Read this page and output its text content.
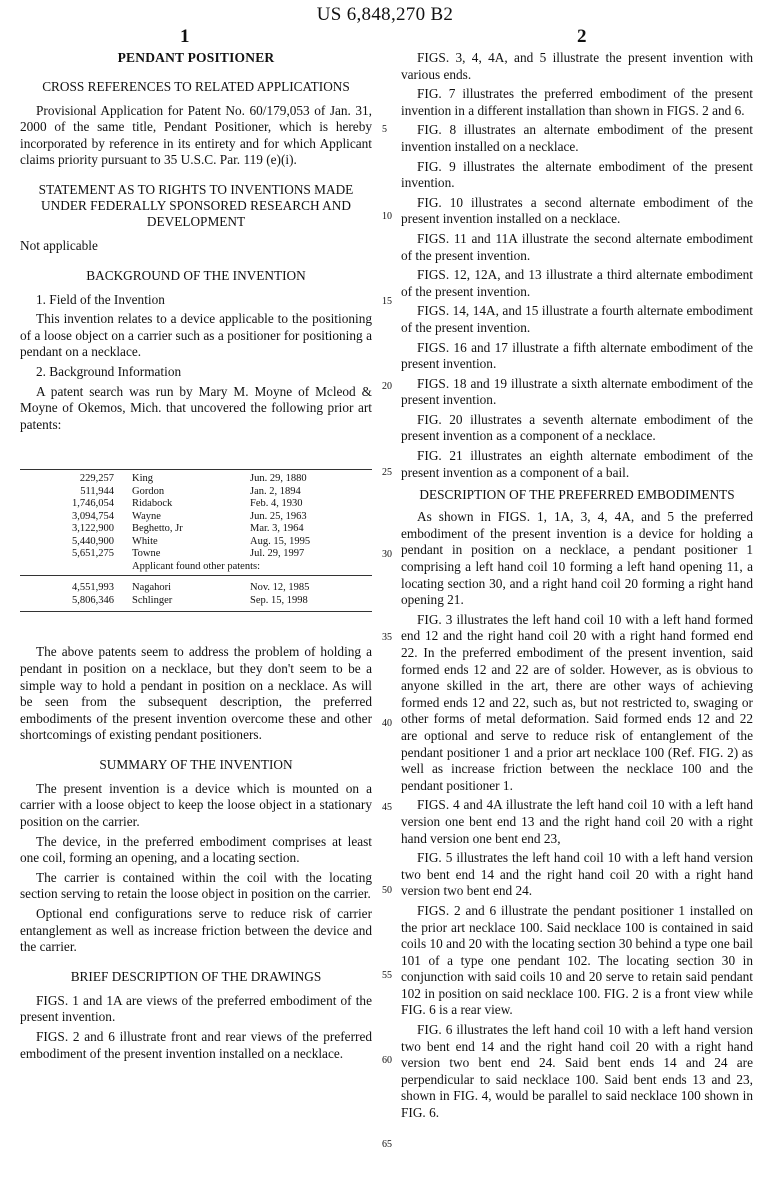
US 6,848,270 B2
1	2
PENDANT POSITIONER
CROSS REFERENCES TO RELATED APPLICATIONS

Provisional Application for Patent No. 60/179,053 of Jan. 31, 2000 of the same title, Pendant Positioner, which is hereby incorporated by reference in its entirety and for which Applicant claims priority pursuant to 35 U.S.C. Par. 119 (e)(i).

STATEMENT AS TO RIGHTS TO INVENTIONS MADE UNDER FEDERALLY SPONSORED RESEARCH AND DEVELOPMENT

Not applicable

BACKGROUND OF THE INVENTION
1. Field of the Invention

This invention relates to a device applicable to the positioning of a loose object on a carrier such as a positioner for positioning a pendant on a necklace.

2. Background Information

A patent search was run by Mary M. Moyne of Mcleod & Moyne of Okemos, Mich. that uncovered the following prior art patents:

229,257	King	Jun. 29, 1880
511,944	Gordon	Jan. 2, 1894
1,746,054	Ridabock	Feb. 4, 1930
3,094,754	Wayne	Jun. 25, 1963
3,122,900	Beghetto, Jr	Mar. 3, 1964
5,440,900	White	Aug. 15, 1995
5,651,275	Towne	Jul. 29, 1997
Applicant found other patents:
4,551,993	Nagahori	Nov. 12, 1985
5,806,346	Schlinger	Sep. 15, 1998

The above patents seem to address the problem of holding a pendant in position on a necklace, but they don't seem to be a simple way to hold a pendant in position on a necklace. As will be seen from the subsequent description, the preferred embodiments of the present invention overcome these and other shortcomings of existing pendant positioners.

SUMMARY OF THE INVENTION

The present invention is a device which is mounted on a carrier with a loose object to keep the loose object in a stationary position on the carrier.

The device, in the preferred embodiment comprises at least one coil, forming an opening, and a locating section.

The carrier is contained within the coil with the locating section serving to retain the loose object in position on the carrier.

Optional end configurations serve to reduce risk of carrier entanglement as well as increase friction between the device and the carrier.

BRIEF DESCRIPTION OF THE DRAWINGS

FIGS. 1 and 1A are views of the preferred embodiment of the present invention.

FIGS. 2 and 6 illustrate front and rear views of the preferred embodiment of the present invention installed on a necklace.

FIGS. 3, 4, 4A, and 5 illustrate the present invention with various ends.

FIG. 7 illustrates the preferred embodiment of the present invention in a different installation than shown in FIGS. 2 and 6.

FIG. 8 illustrates an alternate embodiment of the present invention installed on a necklace.

FIG. 9 illustrates the alternate embodiment of the present invention.

FIG. 10 illustrates a second alternate embodiment of the present invention installed on a necklace.

FIGS. 11 and 11A illustrate the second alternate embodiment of the present invention.

FIGS. 12, 12A, and 13 illustrate a third alternate embodiment of the present invention.

FIGS. 14, 14A, and 15 illustrate a fourth alternate embodiment of the present invention.

FIGS. 16 and 17 illustrate a fifth alternate embodiment of the present invention.

FIGS. 18 and 19 illustrate a sixth alternate embodiment of the present invention.

FIG. 20 illustrates a seventh alternate embodiment of the present invention as a component of a necklace.

FIG. 21 illustrates an eighth alternate embodiment of the present invention as a component of a bail.

DESCRIPTION OF THE PREFERRED EMBODIMENTS

As shown in FIGS. 1, 1A, 3, 4, 4A, and 5 the preferred embodiment of the present invention is a device for holding a pendant in position on a necklace, a pendant positioner 1 comprising a left hand coil 10 forming a left hand opening 11, a locating section 30, and a right hand coil 20 forming a right hand opening 21.

FIG. 3 illustrates the left hand coil 10 with a left hand formed end 12 and the right hand coil 20 with a right hand formed end 22. In the preferred embodiment of the present invention, said formed ends 12 and 22 are of solder. However, as is obvious to anyone skilled in the art, there are other ways of achieving formed ends 12 and 22, such as, but not restricted to, swaging or other forms of metal deformation. Said formed ends 12 and 22 are optional and serve to reduce risk of entanglement of the pendant positioner 1 and a prior art necklace 100 (Ref. FIG. 2) as well as increase friction between the necklace 100 and the pendant positioner 1.

FIGS. 4 and 4A illustrate the left hand coil 10 with a left hand version one bent end 13 and the right hand coil 20 with a right hand version one bent end 23,

FIG. 5 illustrates the left hand coil 10 with a left hand version two bent end 14 and the right hand coil 20 with a right hand version two bent end 24.

FIGS. 2 and 6 illustrate the pendant positioner 1 installed on the prior art necklace 100. Said necklace 100 is contained in said coils 10 and 20 with the locating section 30 behind a type one bail 101 of a type one pendant 102. The locating section 30 in conjunction with said coils 10 and 20 serve to retain said pendant 102 in position on said necklace 100. FIG. 2 is a front view while FIG. 6 is a rear view.

FIG. 6 illustrates the left hand coil 10 with a left hand version two bent end 14 and the right hand coil 20 with a right hand version two bent end 24. Said bent ends 14 and 24 are perpendicular to said necklace 100. Said bent ends 13 and 23, shown in FIG. 4, would be parallel to said necklace 100 shown in FIG. 6.

5
10
15
20
25
30
35
40
45
50
55
60
65
